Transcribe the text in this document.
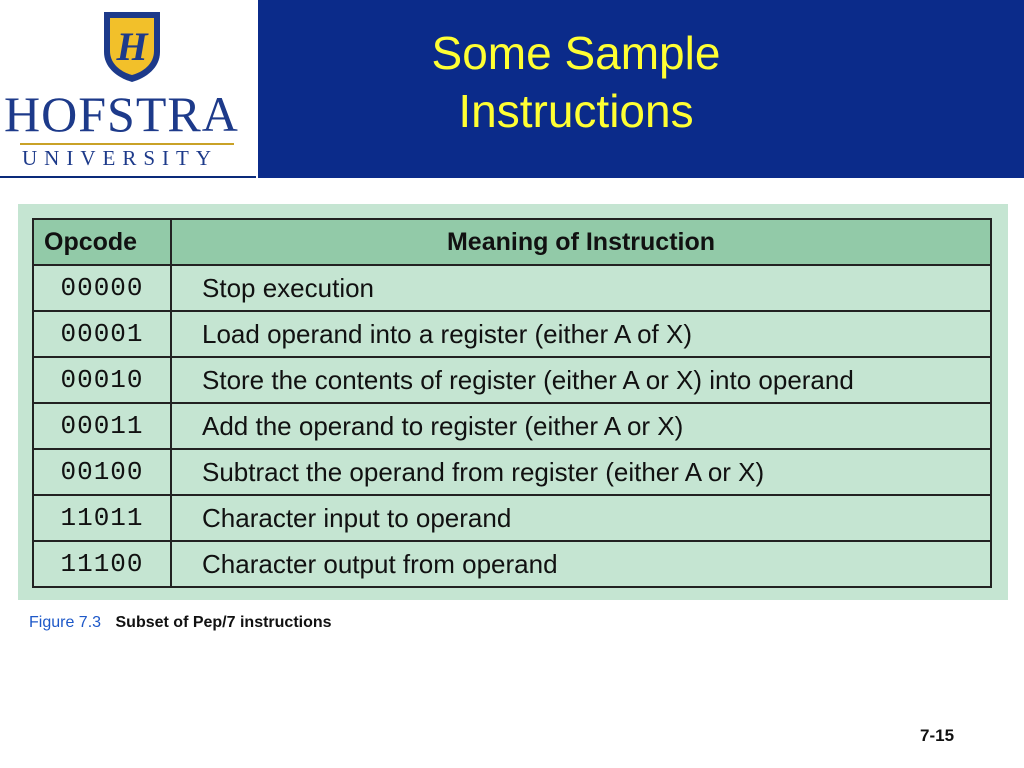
H
HOFSTRA
UNIVERSITY
Some Sample
Instructions
Opcode	Meaning of Instruction
00000	Stop execution
00001	Load operand into a register (either A of X)
00010	Store the contents of register (either A or X) into operand
00011	Add the operand to register (either A or X)
00100	Subtract the operand from register (either A or X)
11011	Character input to operand
11100	Character output from operand
Figure 7.3 Subset of Pep/7 instructions
7-15
